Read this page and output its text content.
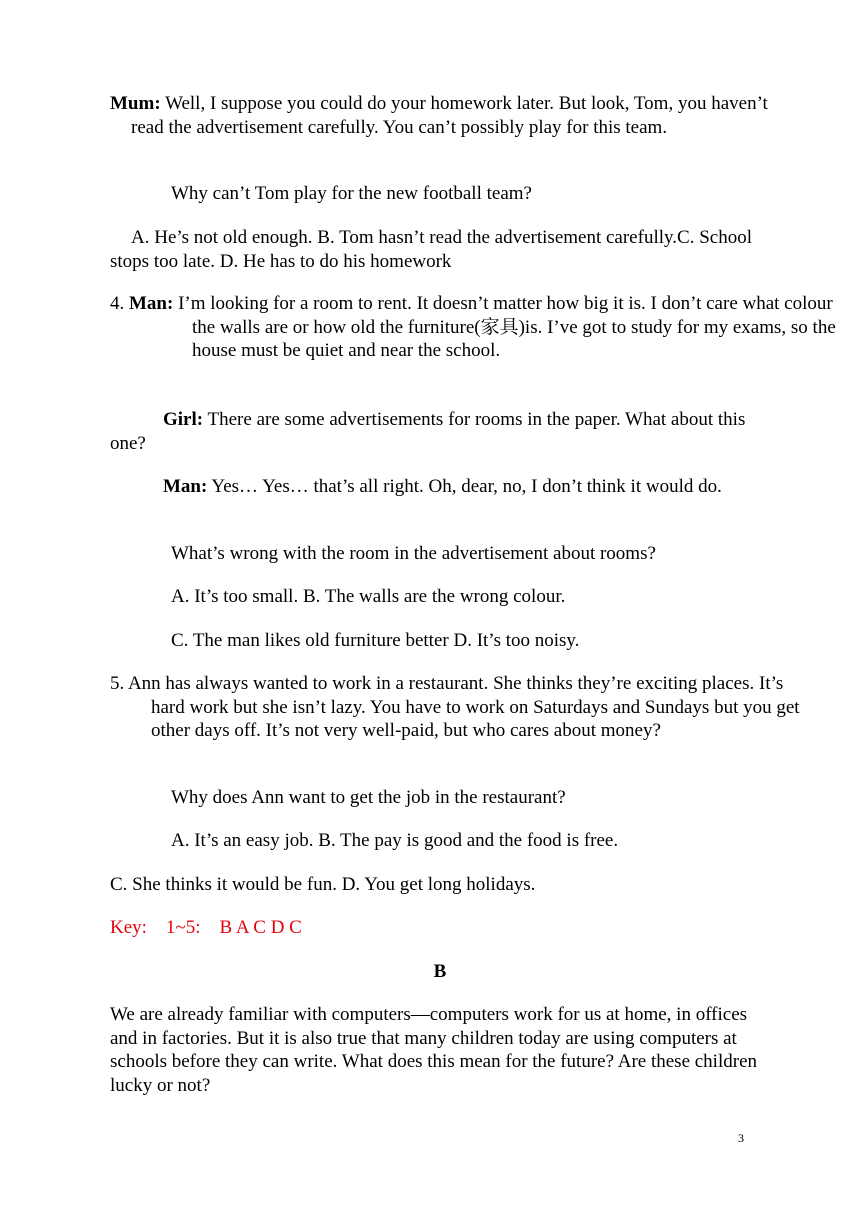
Mum: Well, I suppose you could do your homework later. But look, Tom, you haven’t read the advertisement carefully. You can’t possibly play for this team.

Why can’t Tom play for the new football team?

A. He’s not old enough. B. Tom hasn’t read the advertisement carefully.C. School stops too late. D. He has to do his homework

4. Man: I’m looking for a room to rent. It doesn’t matter how big it is. I don’t care what colour the walls are or how old the furniture(家具)is. I’ve got to study for my exams, so the house must be quiet and near the school.

Girl: There are some advertisements for rooms in the paper. What about this one?

Man: Yes… Yes… that’s all right. Oh, dear, no, I don’t think it would do.

What’s wrong with the room in the advertisement about rooms?

A. It’s too small. B. The walls are the wrong colour.

C. The man likes old furniture better D. It’s too noisy.

5. Ann has always wanted to work in a restaurant. She thinks they’re exciting places. It’s hard work but she isn’t lazy. You have to work on Saturdays and Sundays but you get other days off. It’s not very well-paid, but who cares about money?

Why does Ann want to get the job in the restaurant?

A. It’s an easy job. B. The pay is good and the food is free.

C. She thinks it would be fun. D. You get long holidays.

Key:    1~5:    B A C D C

B

We are already familiar with computers—computers work for us at home, in offices and in factories. But it is also true that many children today are using computers at schools before they can write. What does this mean for the future? Are these children lucky or not?

3
